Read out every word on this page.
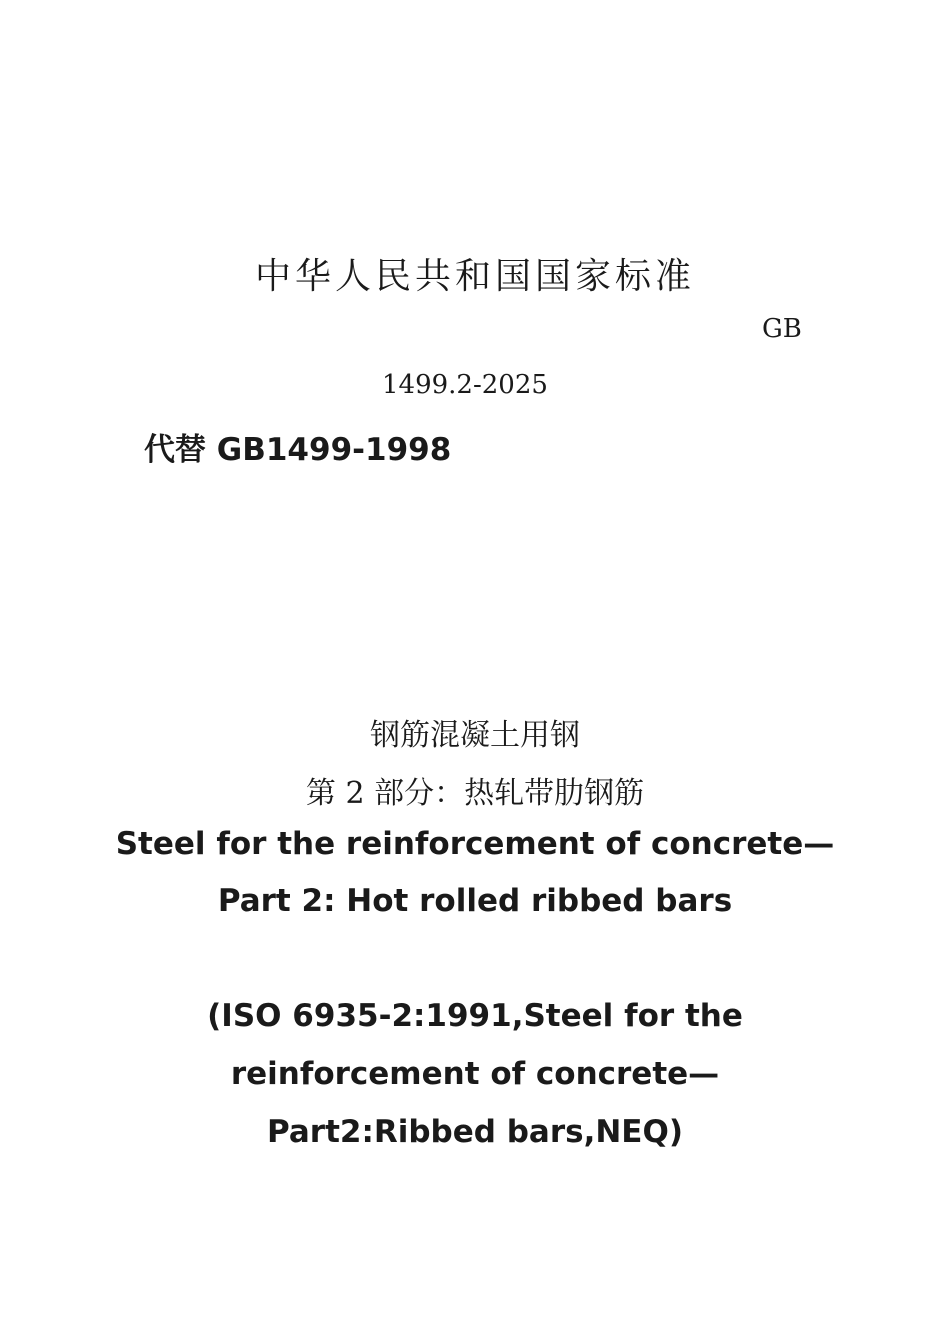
中华人民共和国国家标准
GB
1499.2-2025
代替 GB1499-1998
钢筋混凝土用钢
第 2 部分：热轧带肋钢筋
Steel for the reinforcement of concrete—
Part 2: Hot rolled ribbed bars
(ISO 6935-2:1991,Steel for the
reinforcement of concrete—
Part2:Ribbed bars,NEQ)
